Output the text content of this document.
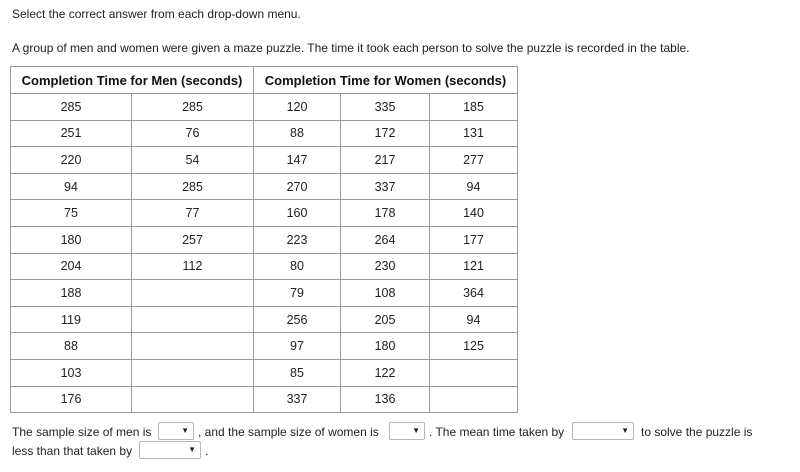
Select the correct answer from each drop-down menu.
A group of men and women were given a maze puzzle. The time it took each person to solve the puzzle is recorded in the table.
Completion Time for Men (seconds)		Completion Time for Women (seconds)		
285	285	120	335	185
251	76	88	172	131
220	54	147	217	277
94	285	270	337	94
75	77	160	178	140
180	257	223	264	177
204	112	80	230	121
188		79	108	364
119		256	205	94
88		97	180	125
103		85	122	
176		337	136	
The sample size of men is	▼ , and the sample size of women is	▼ . The mean time taken by	▼ to solve the puzzle is
less than that taken by	▼ .
